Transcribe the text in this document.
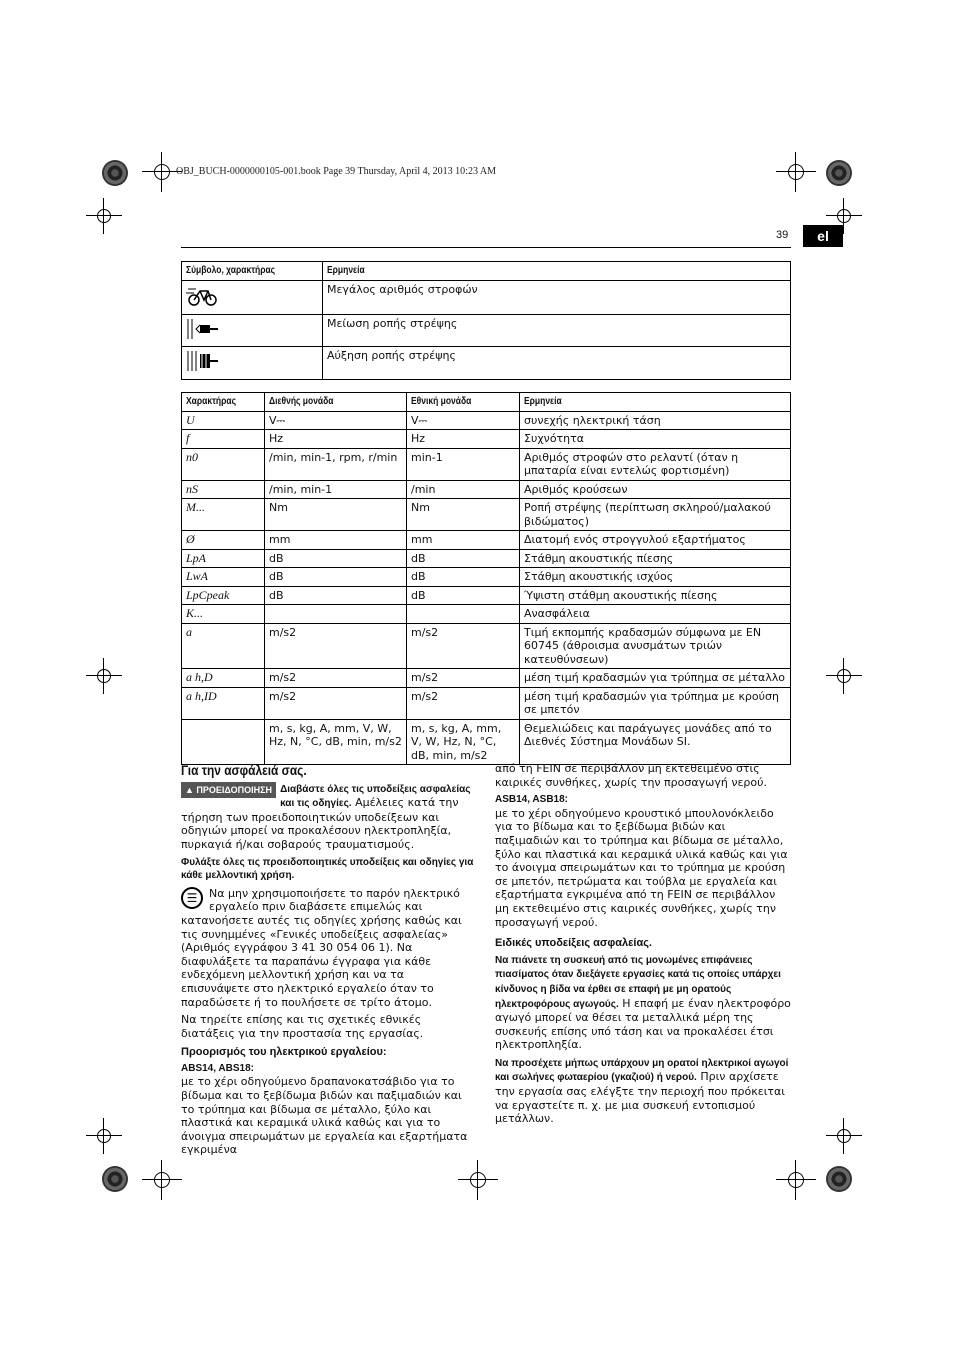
OBJ_BUCH-0000000105-001.book Page 39 Thursday, April 4, 2013 10:23 AM
39	el
Σύμβολο, χαρακτήρας	Ερμηνεία
	Μεγάλος αριθμός στροφών
	Μείωση ροπής στρέψης
	Αύξηση ροπής στρέψης
Χαρακτήρας	Διεθνής μονάδα	Εθνική μονάδα	Ερμηνεία
U	V⎓	V⎓	συνεχής ηλεκτρική τάση
f	Hz	Hz	Συχνότητα
n0	/min, min-1, rpm, r/min	min-1	Αριθμός στροφών στο ρελαντί (όταν η μπαταρία είναι εντελώς φορτισμένη)
nS	/min, min-1	/min	Αριθμός κρούσεων
M...	Nm	Nm	Ροπή στρέψης (περίπτωση σκληρού/μαλακού βιδώματος)
Ø	mm	mm	Διατομή ενός στρογγυλού εξαρτήματος
LpA	dB	dB	Στάθμη ακουστικής πίεσης
LwA	dB	dB	Στάθμη ακουστικής ισχύος
LpCpeak	dB	dB	Ύψιστη στάθμη ακουστικής πίεσης
K...			Ανασφάλεια
a	m/s2	m/s2	Τιμή εκπομπής κραδασμών σύμφωνα με EN 60745 (άθροισμα ανυσμάτων τριών κατευθύνσεων)
a h,D	m/s2	m/s2	μέση τιμή κραδασμών για τρύπημα σε μέταλλο
a h,ID	m/s2	m/s2	μέση τιμή κραδασμών για τρύπημα με κρούση σε μπετόν
	m, s, kg, A, mm, V, W, Hz, N, °C, dB, min, m/s2	m, s, kg, A, mm, V, W, Hz, N, °C, dB, min, m/s2	Θεμελιώδεις και παράγωγες μονάδες από το Διεθνές Σύστημα Μονάδων SI.
Για την ασφάλειά σας.

▲ ΠΡΟΕΙΔΟΠΟΙΗΣΗ Διαβάστε όλες τις υποδείξεις ασφαλείας και τις οδηγίες. Αμέλειες κατά την τήρηση των προειδοποιητικών υποδείξεων και οδηγιών μπορεί να προκαλέσουν ηλεκτροπληξία, πυρκαγιά ή/και σοβαρούς τραυματισμούς.

Φυλάξτε όλες τις προειδοποιητικές υποδείξεις και οδηγίες για κάθε μελλοντική χρήση.

☰	Να μην χρησιμοποιήσετε το παρόν ηλεκτρικό εργαλείο πριν διαβάσετε επιμελώς και κατανοήσετε αυτές τις οδηγίες χρήσης καθώς και τις συνημμένες «Γενικές υποδείξεις ασφαλείας» (Αριθμός εγγράφου 3 41 30 054 06 1). Να διαφυλάξετε τα παραπάνω έγγραφα για κάθε ενδεχόμενη μελλοντική χρήση και να τα επισυνάψετε στο ηλεκτρικό εργαλείο όταν το παραδώσετε ή το πουλήσετε σε τρίτο άτομο.

Να τηρείτε επίσης και τις σχετικές εθνικές διατάξεις για την προστασία της εργασίας.

Προορισμός του ηλεκτρικού εργαλείου:
ABS14, ABS18:

με το χέρι οδηγούμενο δραπανοκατσάβιδο για το βίδωμα και το ξεβίδωμα βιδών και παξιμαδιών και το τρύπημα και βίδωμα σε μέταλλο, ξύλο και πλαστικά και κεραμικά υλικά καθώς και για το άνοιγμα σπειρωμάτων με εργαλεία και εξαρτήματα εγκριμένα

από τη FEIN σε περιβάλλον μη εκτεθειμένο στις καιρικές συνθήκες, χωρίς την προσαγωγή νερού.

ASB14, ASB18:

με το χέρι οδηγούμενο κρουστικό μπουλονόκλειδο για το βίδωμα και το ξεβίδωμα βιδών και παξιμαδιών και το τρύπημα και βίδωμα σε μέταλλο, ξύλο και πλαστικά και κεραμικά υλικά καθώς και για το άνοιγμα σπειρωμάτων και το τρύπημα με κρούση σε μπετόν, πετρώματα και τούβλα με εργαλεία και εξαρτήματα εγκριμένα από τη FEIN σε περιβάλλον μη εκτεθειμένο στις καιρικές συνθήκες, χωρίς την προσαγωγή νερού.

Ειδικές υποδείξεις ασφαλείας.

Να πιάνετε τη συσκευή από τις μονωμένες επιφάνειες πιασίματος όταν διεξάγετε εργασίες κατά τις οποίες υπάρχει κίνδυνος η βίδα να έρθει σε επαφή με μη ορατούς ηλεκτροφόρους αγωγούς. Η επαφή με έναν ηλεκτροφόρο αγωγό μπορεί να θέσει τα μεταλλικά μέρη της συσκευής επίσης υπό τάση και να προκαλέσει έτσι ηλεκτροπληξία.

Να προσέχετε μήπως υπάρχουν μη ορατοί ηλεκτρικοί αγωγοί και σωλήνες φωταερίου (γκαζιού) ή νερού. Πριν αρχίσετε την εργασία σας ελέγξτε την περιοχή που πρόκειται να εργαστείτε π. χ. με μια συσκευή εντοπισμού μετάλλων.
